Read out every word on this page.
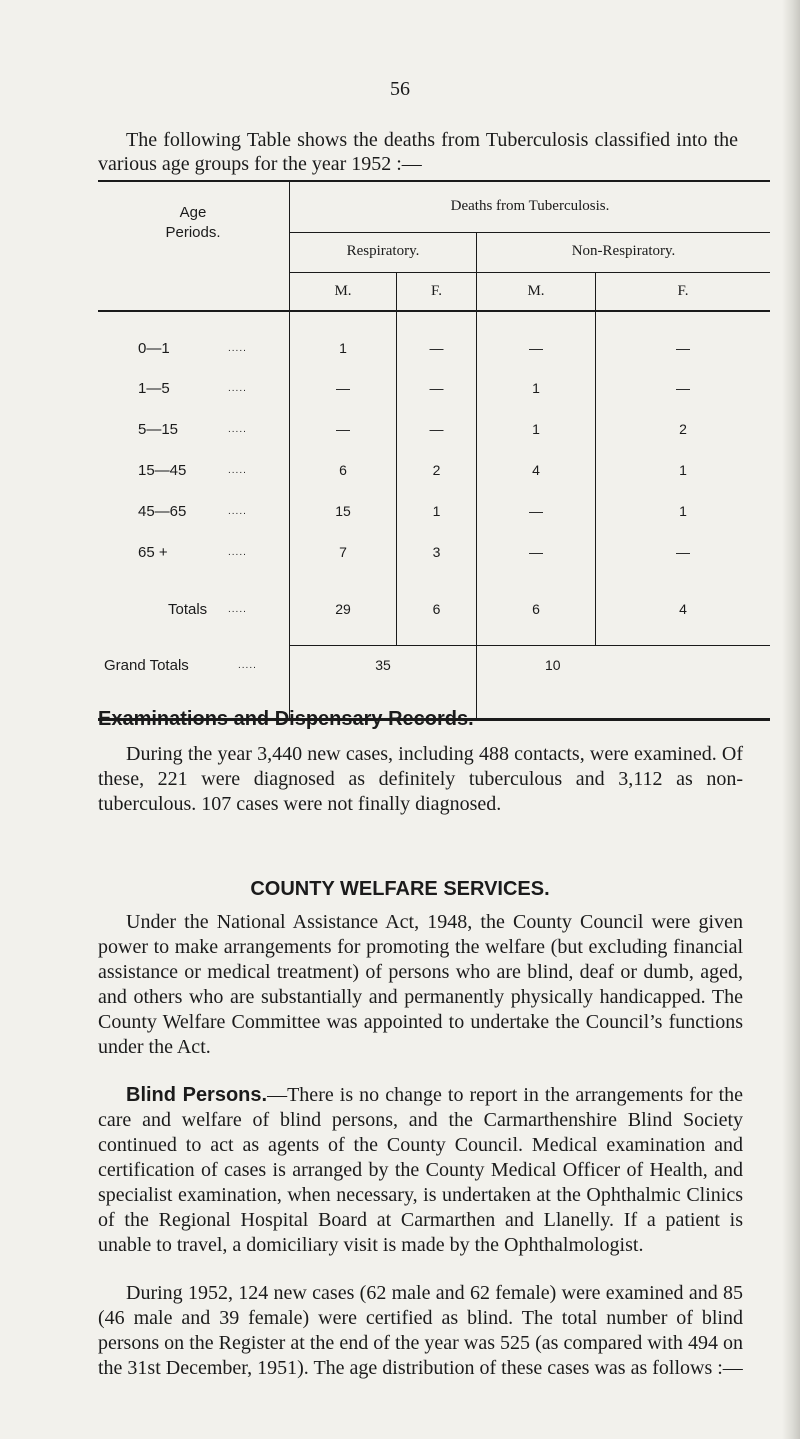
56
The following Table shows the deaths from Tuberculosis classified into the various age groups for the year 1952 :—
Age
Periods.
Deaths from Tuberculosis.
Respiratory.	Non-Respiratory.
M.	F.	M.	F.
0—1	.....	1	—	—	—
1—5	.....	—	—	1	—
5—15	.....	—	—	1	2
15—45	.....	6	2	4	1
45—65	.....	15	1	—	1
65 +	.....	7	3	—	—
Totals .....	29	6	6	4
Grand Totals	.....	35	10
Examinations and Dispensary Records.
During the year 3,440 new cases, including 488 contacts, were examined. Of these, 221 were diagnosed as definitely tuberculous and 3,112 as non-tuberculous. 107 cases were not finally diagnosed.
COUNTY WELFARE SERVICES.
Under the National Assistance Act, 1948, the County Council were given power to make arrangements for promoting the welfare (but excluding financial assistance or medical treatment) of persons who are blind, deaf or dumb, aged, and others who are substantially and permanently physically handicapped. The County Welfare Committee was appointed to undertake the Council’s functions under the Act.
Blind Persons.—There is no change to report in the arrangements for the care and welfare of blind persons, and the Carmarthenshire Blind Society continued to act as agents of the County Council. Medical examination and certification of cases is arranged by the County Medical Officer of Health, and specialist examination, when necessary, is undertaken at the Ophthalmic Clinics of the Regional Hospital Board at Carmarthen and Llanelly. If a patient is unable to travel, a domiciliary visit is made by the Ophthalmologist.
During 1952, 124 new cases (62 male and 62 female) were examined and 85 (46 male and 39 female) were certified as blind. The total number of blind persons on the Register at the end of the year was 525 (as compared with 494 on the 31st December, 1951). The age distribution of these cases was as follows :—
